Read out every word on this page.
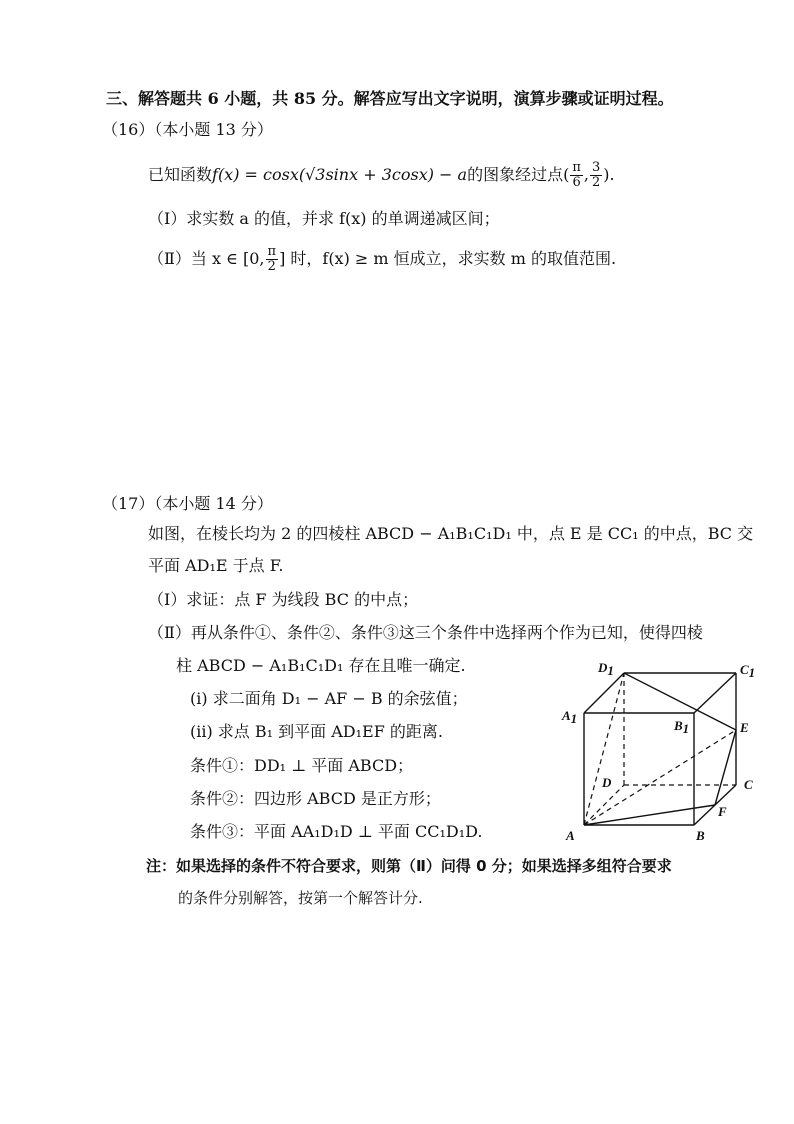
三、解答题共 6 小题，共 85 分。解答应写出文字说明，演算步骤或证明过程。
（16）（本小题 13 分）
已知函数f(x) = cosx(√3sinx + 3cosx) − a的图象经过点( $\frac{\pi}{6}$ , $\frac{3}{2}$ ).
（Ⅰ）求实数 a 的值，并求 f(x) 的单调递减区间；
（Ⅱ）当 x ∈ [0, $\frac{\pi}{2}$ ] 时，f(x) ≥ m 恒成立，求实数 m 的取值范围.
（17）（本小题 14 分）
如图，在棱长均为 2 的四棱柱 ABCD − A₁B₁C₁D₁ 中，点 E 是 CC₁ 的中点，BC 交
平面 AD₁E 于点 F.
（Ⅰ）求证：点 F 为线段 BC 的中点；
（Ⅱ）再从条件①、条件②、条件③这三个条件中选择两个作为已知，使得四棱
柱 ABCD − A₁B₁C₁D₁ 存在且唯一确定.
(i) 求二面角 D₁ − AF − B 的余弦值；
(ii) 求点 B₁ 到平面 AD₁EF 的距离.
条件①：DD₁ ⊥ 平面 ABCD；
条件②：四边形 ABCD 是正方形；
条件③：平面 AA₁D₁D ⊥ 平面 CC₁D₁D.
注：如果选择的条件不符合要求，则第（Ⅱ）问得 0 分；如果选择多组符合要求
的条件分别解答，按第一个解答计分.
D1	C1
A1	B1	E
D	C
F
A	B
